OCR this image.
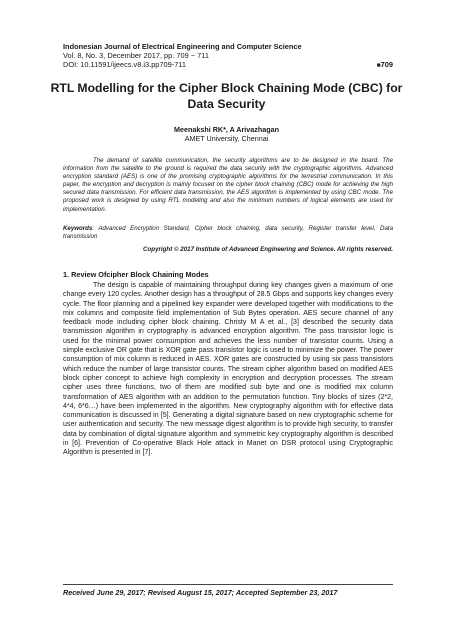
Indonesian Journal of Electrical Engineering and Computer Science
Vol. 8, No. 3, December 2017, pp. 709 ~ 711
DOI: 10.11591/ijeecs.v8.i3.pp709-711	■709
RTL Modelling for the Cipher Block Chaining Mode (CBC) for Data Security
Meenakshi RK*, A Arivazhagan
AMET University, Chennai
The demand of satellite communication, the security algorithms are to be designed in the board. The information from the satellite to the ground is required the data security with the cryptographic algorithms. Advanced encryption standard (AES) is one of the promising cryptographic algorithms for the terrestrial communication. In this paper, the encryption and decryption is mainly focused on the cipher block chaining (CBC) mode for achieving the high secured data transmission. For efficient data transmission, the AES algorithm is implemented by using CBC mode. The proposed work is designed by using RTL modeling and also the minimum numbers of logical elements are used for implementation.
Keywords: Advanced Encryption Standard, Cipher block chaining, data security, Register transfer level, Data transmission
Copyright © 2017 Institute of Advanced Engineering and Science. All rights reserved.
1. Review Ofcipher Block Chaining Modes
The design is capable of maintaining throughput during key changes given a maximum of one change every 120 cycles. Another design has a throughput of 28.5 Gbps and supports key changes every cycle. The floor planning and a pipelined key expander were developed together with modifications to the mix columns and composite field implementation of Sub Bytes operation. AES secure channel of any feedback mode including cipher block chaining. Christy M A et al., [3] described the security data transmission algorithm in cryptography is advanced encryption algorithm. The pass transistor logic is used for the minimal power consumption and achieves the less number of transistor counts. Using a simple exclusive OR gate that is XOR gate pass transistor logic is used to minimize the power. The power consumption of mix column is reduced in AES. XOR gates are constructed by using six pass transistors which reduce the number of large transistor counts. The stream cipher algorithm based on modified AES block cipher concept to achieve high complexity in encryption and decryption processes. The stream cipher uses three functions, two of them are modified sub byte and one is modified mix column transformation of AES algorithm with an addition to the permutation function. Tiny blocks of sizes (2*2, 4*4, 6*6…) have been implemented in the algorithm. New cryptography algorithm with for effective data communication is discussed in [5]. Generating a digital signature based on new cryptographic scheme for user authentication and security. The new message digest algorithm is to provide high security, to transfer data by combination of digital signature algorithm and symmetric key cryptography algorithm is described in [6]. Prevention of Co-operative Black Hole attack in Manet on DSR protocol using Cryptographic Algorithm is presented in [7].
Received June 29, 2017; Revised August 15, 2017; Accepted September 23, 2017
